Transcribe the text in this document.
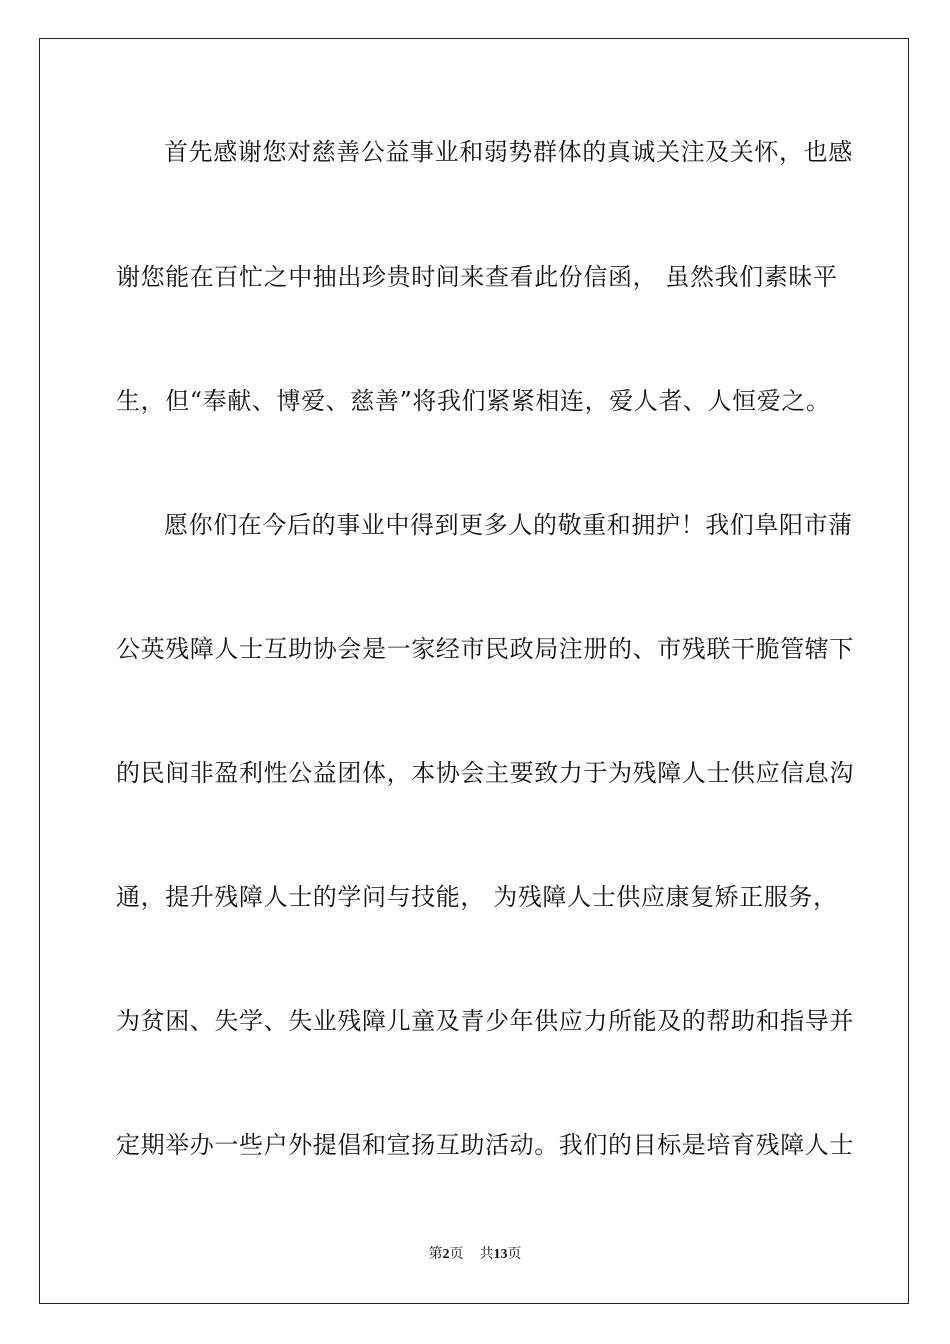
首先感谢您对慈善公益事业和弱势群体的真诚关注及关怀，也感
谢您能在百忙之中抽出珍贵时间来查看此份信函， 虽然我们素昧平
生，但“奉献、博爱、慈善”将我们紧紧相连，爱人者、人恒爱之。
愿你们在今后的事业中得到更多人的敬重和拥护！我们阜阳市蒲
公英残障人士互助协会是一家经市民政局注册的、市残联干脆管辖下
的民间非盈利性公益团体，本协会主要致力于为残障人士供应信息沟
通，提升残障人士的学问与技能， 为残障人士供应康复矫正服务，
为贫困、失学、失业残障儿童及青少年供应力所能及的帮助和指导并
定期举办一些户外提倡和宣扬互助活动。我们的目标是培育残障人士
第2页 共13页
